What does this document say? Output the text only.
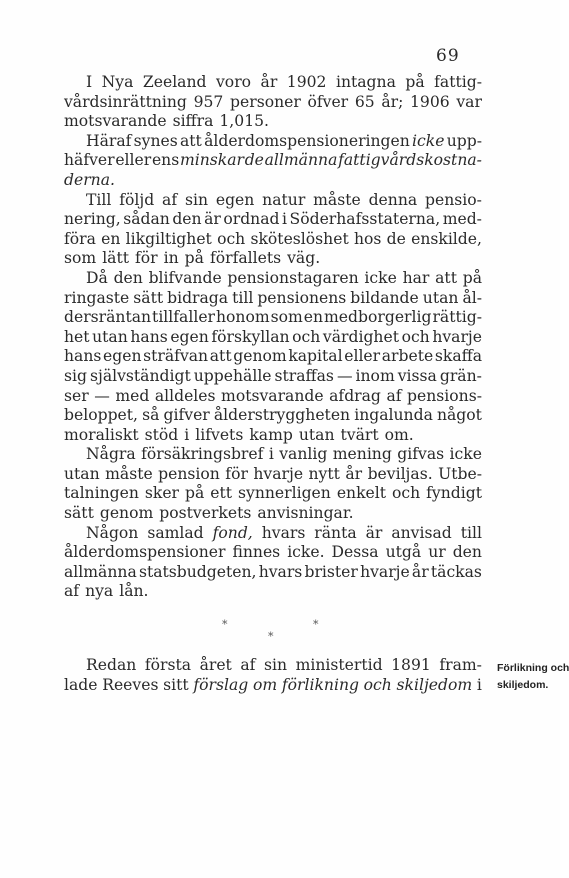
69
I Nya Zeeland voro år 1902 intagna på fattig-
vårdsinrättning 957 personer öfver 65 år; 1906 var
motsvarande siffra 1,015.
Häraf synes att ålderdomspensioneringen icke upp-
häfver eller ens minskar de allmänna fattigvårdskostna-
derna.
Till följd af sin egen natur måste denna pensio-
nering, sådan den är ordnad i Söderhafsstaterna, med-
föra en likgiltighet och sköteslöshet hos de enskilde,
som lätt för in på förfallets väg.
Då den blifvande pensionstagaren icke har att på
ringaste sätt bidraga till pensionens bildande utan ål-
dersräntan tillfaller honom som en medborgerlig rättig-
het utan hans egen förskyllan och värdighet och hvarje
hans egen sträfvan att genom kapital eller arbete skaffa
sig självständigt uppehälle straffas — inom vissa grän-
ser — med alldeles motsvarande afdrag af pensions-
beloppet, så gifver ålderstryggheten ingalunda något
moraliskt stöd i lifvets kamp utan tvärt om.
Några försäkringsbref i vanlig mening gifvas icke
utan måste pension för hvarje nytt år beviljas. Utbe-
talningen sker på ett synnerligen enkelt och fyndigt
sätt genom postverkets anvisningar.
Någon samlad fond, hvars ränta är anvisad till
ålderdomspensioner finnes icke. Dessa utgå ur den
allmänna statsbudgeten, hvars brister hvarje år täckas
af nya lån.
*	*
*
Redan första året af sin ministertid 1891 fram-
lade Reeves sitt förslag om förlikning och skiljedom i
Förlikning och
skiljedom.
